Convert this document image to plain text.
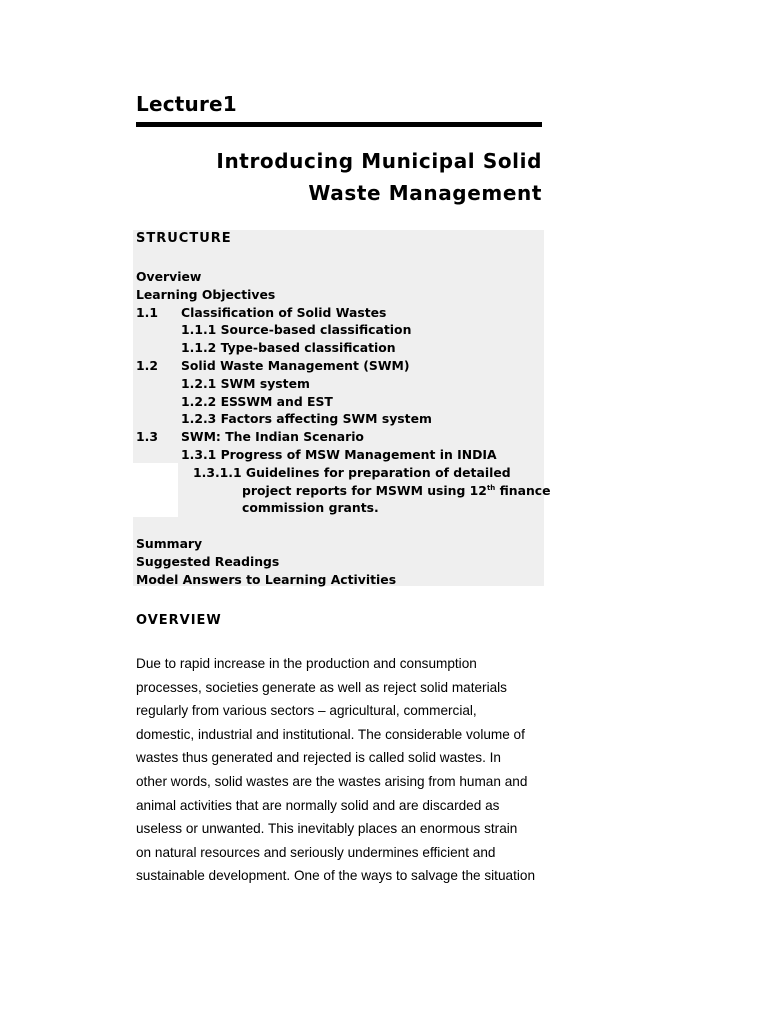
Lecture1
Introducing Municipal Solid
Waste Management
STRUCTURE
Overview
Learning Objectives
1.1 Classification of Solid Wastes
1.1.1 Source-based classification
1.1.2 Type-based classification
1.2 Solid Waste Management (SWM)
1.2.1 SWM system
1.2.2 ESSWM and EST
1.2.3 Factors affecting SWM system
1.3 SWM: The Indian Scenario
1.3.1 Progress of MSW Management in INDIA
1.3.1.1 Guidelines for preparation of detailed
project reports for MSWM using 12th finance
commission grants.
Summary
Suggested Readings
Model Answers to Learning Activities
OVERVIEW

Due to rapid increase in the production and consumption
processes, societies generate as well as reject solid materials
regularly from various sectors – agricultural, commercial,
domestic, industrial and institutional. The considerable volume of
wastes thus generated and rejected is called solid wastes. In
other words, solid wastes are the wastes arising from human and
animal activities that are normally solid and are discarded as
useless or unwanted. This inevitably places an enormous strain
on natural resources and seriously undermines efficient and
sustainable development. One of the ways to salvage the situation
